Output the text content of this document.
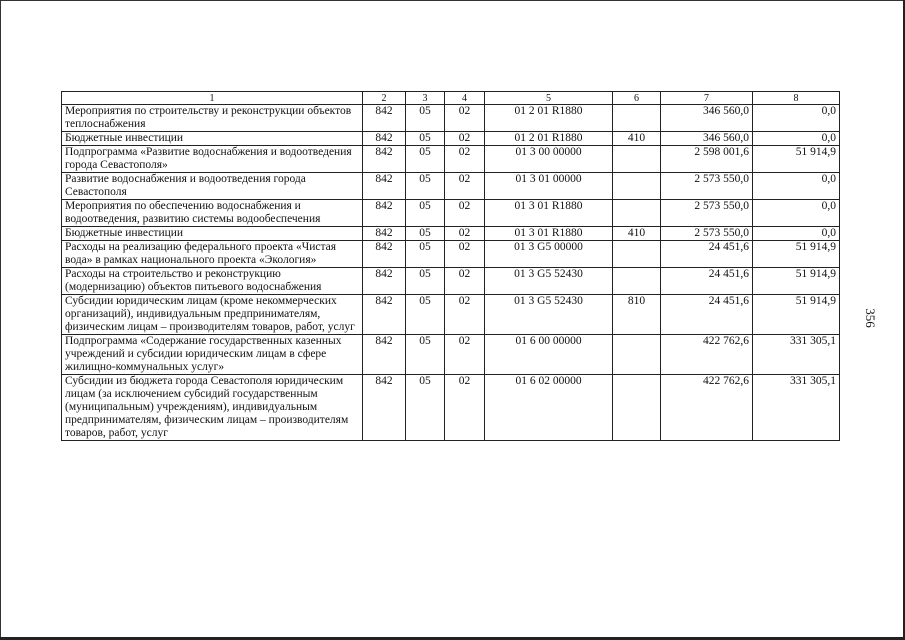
1	2	3	4	5	6	7	8
Мероприятия по строительству и реконструкции объектов теплоснабжения	842	05	02	01 2 01 R1880		346 560,0	0,0
Бюджетные инвестиции	842	05	02	01 2 01 R1880	410	346 560,0	0,0
Подпрограмма «Развитие водоснабжения и водоотведения города Севастополя»	842	05	02	01 3 00 00000		2 598 001,6	51 914,9
Развитие водоснабжения и водоотведения города Севастополя	842	05	02	01 3 01 00000		2 573 550,0	0,0
Мероприятия по обеспечению водоснабжения и водоотведения, развитию системы водообеспечения	842	05	02	01 3 01 R1880		2 573 550,0	0,0
Бюджетные инвестиции	842	05	02	01 3 01 R1880	410	2 573 550,0	0,0
Расходы на реализацию федерального проекта «Чистая вода» в рамках национального проекта «Экология»	842	05	02	01 3 G5 00000		24 451,6	51 914,9
Расходы на строительство и реконструкцию (модернизацию) объектов питьевого водоснабжения	842	05	02	01 3 G5 52430		24 451,6	51 914,9
Субсидии юридическим лицам (кроме некоммерческих организаций), индивидуальным предпринимателям, физическим лицам – производителям товаров, работ, услуг	842	05	02	01 3 G5 52430	810	24 451,6	51 914,9
Подпрограмма «Содержание государственных казенных учреждений и субсидии юридическим лицам в сфере жилищно-коммунальных услуг»	842	05	02	01 6 00 00000		422 762,6	331 305,1
Субсидии из бюджета города Севастополя юридическим лицам (за исключением субсидий государственным (муниципальным) учреждениям), индивидуальным предпринимателям, физическим лицам – производителям товаров, работ, услуг	842	05	02	01 6 02 00000		422 762,6	331 305,1
356
